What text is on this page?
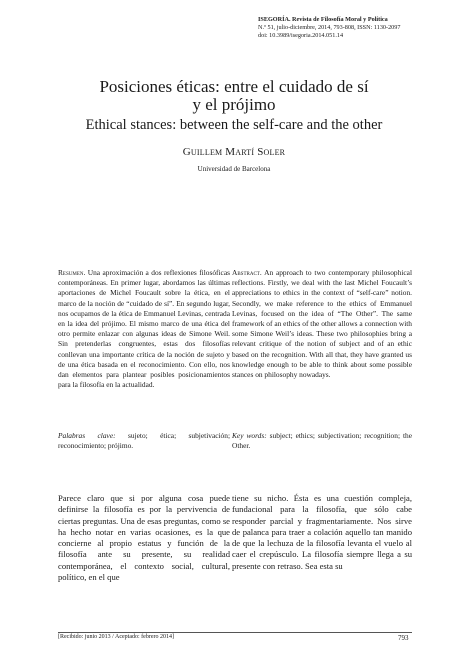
ISEGORÍA. Revista de Filosofía Moral y Política
N.º 51, julio-diciembre, 2014, 793-808, ISSN: 1130-2097
doi: 10.3989/isegoria.2014.051.14
Posiciones éticas: entre el cuidado de sí
y el prójimo
Ethical stances: between the self-care and the other
Guillem Martí Soler
Universidad de Barcelona
Resumen. Una aproximación a dos reflexiones filosóficas contemporáneas. En primer lugar, abordamos las últimas aportaciones de Michel Foucault sobre la ética, en el marco de la noción de “cuidado de sí”. En segundo lugar, nos ocupamos de la ética de Emmanuel Levinas, centrada en la idea del prójimo. El mismo marco de una ética del otro permite enlazar con algunas ideas de Simone Weil. Sin pretenderlas congruentes, estas dos filosofías conllevan una importante crítica de la noción de sujeto y de una ética basada en el reconocimiento. Con ello, nos dan elementos para plantear posibles posicionamientos para la filosofía en la actualidad.
Abstract. An approach to two contemporary philosophical reflections. Firstly, we deal with the last Michel Foucault’s appreciations to ethics in the context of “self-care” notion. Secondly, we make reference to the ethics of Emmanuel Levinas, focused on the idea of “The Other”. The same framework of an ethics of the other allows a connection with some Simone Weil’s ideas. These two philosophies bring a relevant critique of the notion of subject and of an ethic based on the recognition. With all that, they have granted us knowledge enough to be able to think about some possible stances on philosophy nowadays.
Palabras clave: sujeto; ética; subjetivación; reconocimiento; prójimo.
Key words: subject; ethics; subjectivation; recognition; the Other.
Parece claro que si por alguna cosa puede definirse la filosofía es por la pervivencia de ciertas preguntas. Una de esas preguntas, como se ha hecho notar en varias ocasiones, es la que concierne al propio estatus y función de la filosofía ante su presente, su realidad contemporánea, el contexto social, cultural, político, en el que
tiene su nicho. Ésta es una cuestión compleja, fundacional para la filosofía, que sólo cabe responder parcial y fragmentariamente. Nos sirve de palanca para traer a colación aquello tan manido de que la lechuza de la filosofía levanta el vuelo al caer el crepúsculo. La filosofía siempre llega a su presente con retraso. Sea esta su
[Recibido: junio 2013 / Aceptado: febrero 2014]	793
